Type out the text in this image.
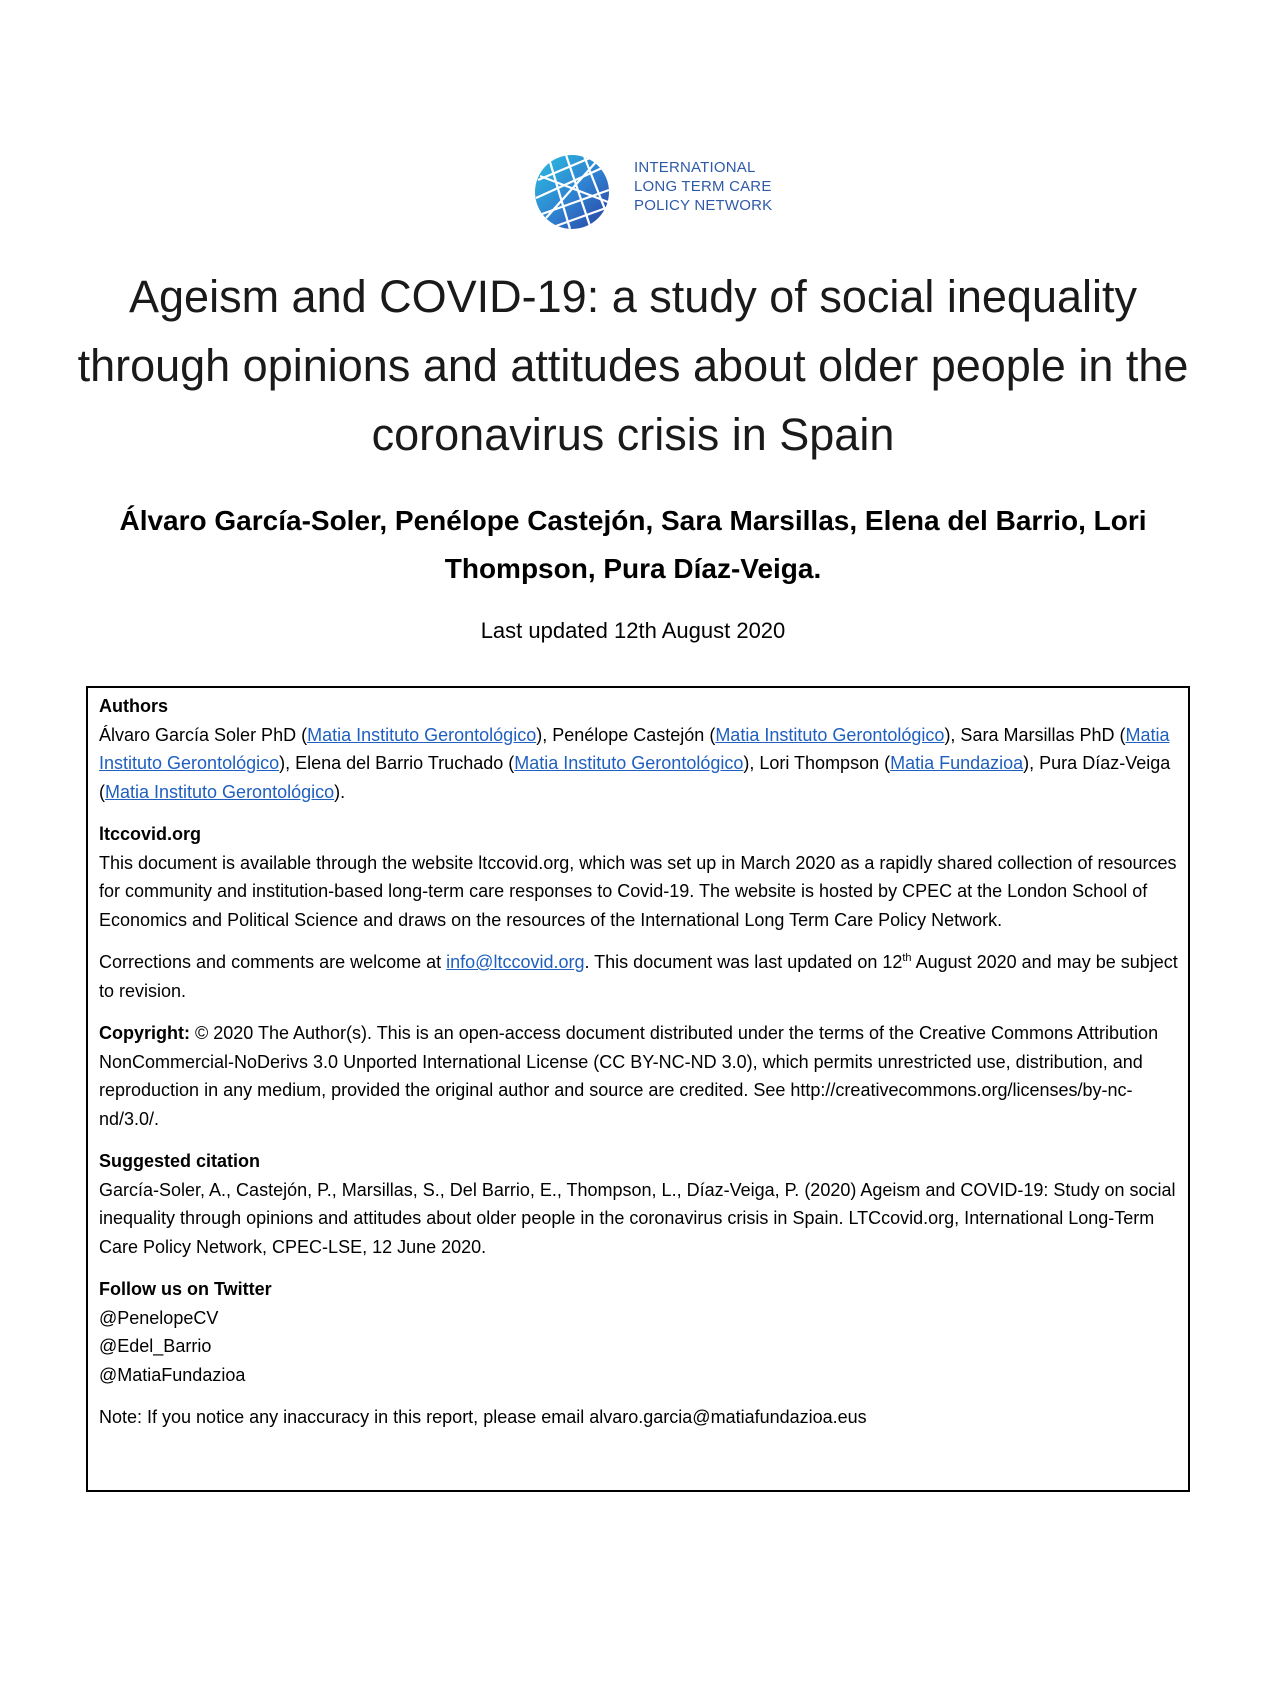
INTERNATIONAL
LONG TERM CARE
POLICY NETWORK
Ageism and COVID-19: a study of social inequality through opinions and attitudes about older people in the coronavirus crisis in Spain

Álvaro García-Soler, Penélope Castejón, Sara Marsillas, Elena del Barrio, Lori Thompson, Pura Díaz-Veiga.

Last updated 12th August 2020
Authors

Álvaro García Soler PhD (Matia Instituto Gerontológico), Penélope Castejón (Matia Instituto Gerontológico), Sara Marsillas PhD (Matia Instituto Gerontológico), Elena del Barrio Truchado (Matia Instituto Gerontológico), Lori Thompson (Matia Fundazioa), Pura Díaz-Veiga (Matia Instituto Gerontológico).

ltccovid.org

This document is available through the website ltccovid.org, which was set up in March 2020 as a rapidly shared collection of resources for community and institution-based long-term care responses to Covid-19. The website is hosted by CPEC at the London School of Economics and Political Science and draws on the resources of the International Long Term Care Policy Network.

Corrections and comments are welcome at info@ltccovid.org. This document was last updated on 12th August 2020 and may be subject to revision.

Copyright: © 2020 The Author(s). This is an open-access document distributed under the terms of the Creative Commons Attribution NonCommercial-NoDerivs 3.0 Unported International License (CC BY-NC-ND 3.0), which permits unrestricted use, distribution, and reproduction in any medium, provided the original author and source are credited. See http://creativecommons.org/licenses/by-nc-nd/3.0/.

Suggested citation

García-Soler, A., Castejón, P., Marsillas, S., Del Barrio, E., Thompson, L., Díaz-Veiga, P. (2020) Ageism and COVID-19: Study on social inequality through opinions and attitudes about older people in the coronavirus crisis in Spain. LTCcovid.org, International Long-Term Care Policy Network, CPEC-LSE, 12 June 2020.

Follow us on Twitter

@PenelopeCV

@Edel_Barrio

@MatiaFundazioa

Note: If you notice any inaccuracy in this report, please email alvaro.garcia@matiafundazioa.eus
